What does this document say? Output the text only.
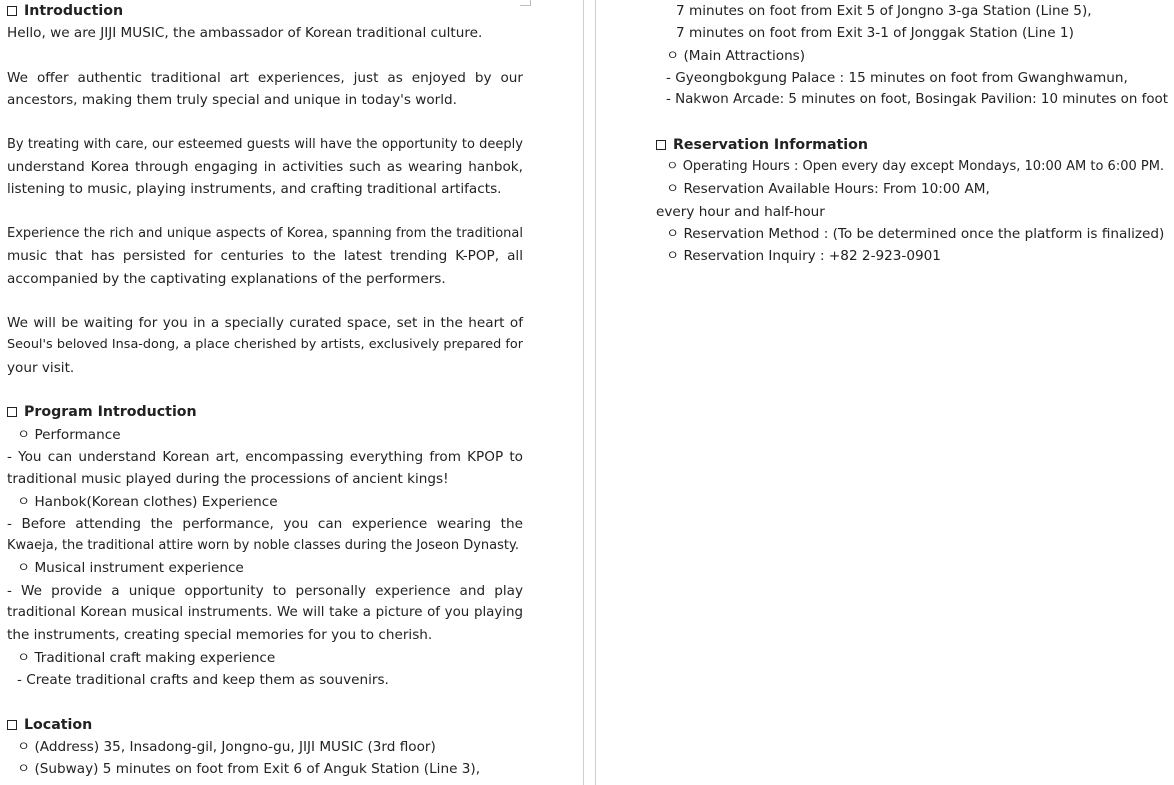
Introduction
Hello, we are JIJI MUSIC, the ambassador of Korean traditional culture.
We offer authentic traditional art experiences, just as enjoyed by our
ancestors, making them truly special and unique in today's world.
By treating with care, our esteemed guests will have the opportunity to deeply
understand Korea through engaging in activities such as wearing hanbok,
listening to music, playing instruments, and crafting traditional artifacts.
Experience the rich and unique aspects of Korea, spanning from the traditional
music that has persisted for centuries to the latest trending K-POP, all
accompanied by the captivating explanations of the performers.
We will be waiting for you in a specially curated space, set in the heart of
Seoul's beloved Insa-dong, a place cherished by artists, exclusively prepared for
your visit.
Program Introduction
ㅇ Performance
- You can understand Korean art, encompassing everything from KPOP to
traditional music played during the processions of ancient kings!
ㅇ Hanbok(Korean clothes) Experience
- Before attending the performance, you can experience wearing the
Kwaeja, the traditional attire worn by noble classes during the Joseon Dynasty.
ㅇ Musical instrument experience
- We provide a unique opportunity to personally experience and play
traditional Korean musical instruments. We will take a picture of you playing
the instruments, creating special memories for you to cherish.
ㅇ Traditional craft making experience
- Create traditional crafts and keep them as souvenirs.
Location
ㅇ (Address) 35, Insadong-gil, Jongno-gu, JIJI MUSIC (3rd floor)
ㅇ (Subway) 5 minutes on foot from Exit 6 of Anguk Station (Line 3),
7 minutes on foot from Exit 5 of Jongno 3-ga Station (Line 5),
7 minutes on foot from Exit 3-1 of Jonggak Station (Line 1)
ㅇ (Main Attractions)
- Gyeongbokgung Palace : 15 minutes on foot from Gwanghwamun,
- Nakwon Arcade: 5 minutes on foot, Bosingak Pavilion: 10 minutes on foot
Reservation Information
ㅇ Operating Hours : Open every day except Mondays, 10:00 AM to 6:00 PM.
ㅇ Reservation Available Hours: From 10:00 AM,
every hour and half-hour
ㅇ Reservation Method : (To be determined once the platform is finalized)
ㅇ Reservation Inquiry : +82 2-923-0901
